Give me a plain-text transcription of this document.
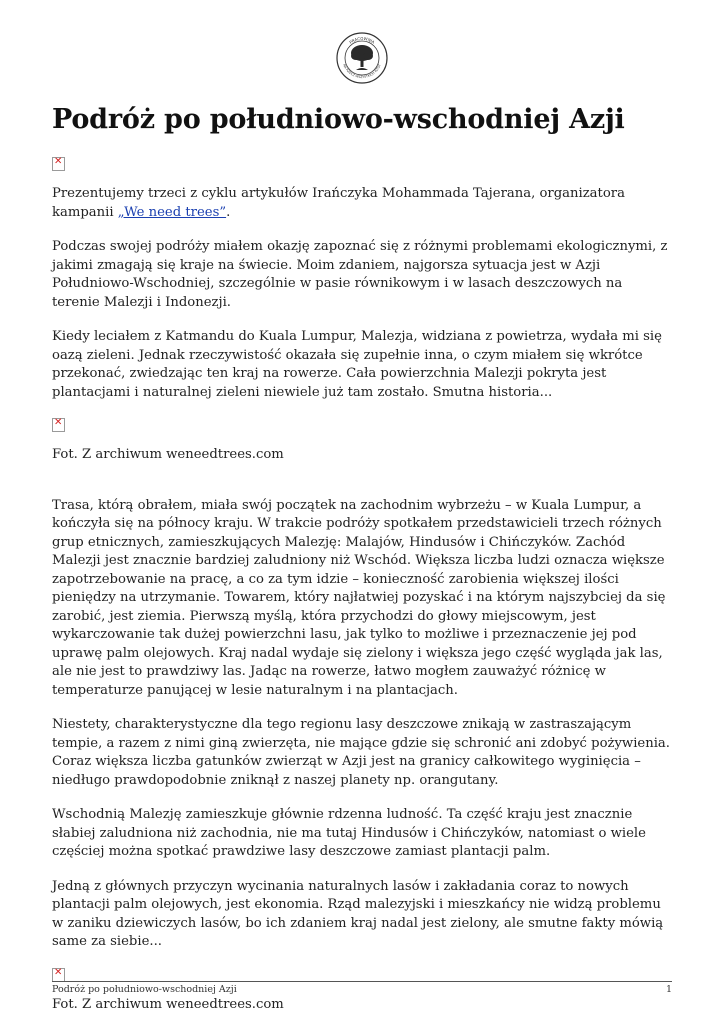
PRACOWNIA
NA RZECZ WSZYSTKICH ISTOT
Podróż po południowo-wschodniej Azji
✕

Prezentujemy trzeci z cyklu artykułów Irańczyka Mohammada Tajerana, organizatora kampanii „We need trees”.

Podczas swojej podróży miałem okazję zapoznać się z różnymi problemami ekologicznymi, z jakimi zmagają się kraje na świecie. Moim zdaniem, najgorsza sytuacja jest w Azji Południowo-Wschodniej, szczególnie w pasie równikowym i w lasach deszczowych na terenie Malezji i Indonezji.

Kiedy leciałem z Katmandu do Kuala Lumpur, Malezja, widziana z powietrza, wydała mi się oazą zieleni. Jednak rzeczywistość okazała się zupełnie inna, o czym miałem się wkrótce przekonać, zwiedzając ten kraj na rowerze. Cała powierzchnia Malezji pokryta jest plantacjami i naturalnej zieleni niewiele już tam zostało. Smutna historia...

✕
Fot. Z archiwum weneedtrees.com

Trasa, którą obrałem, miała swój początek na zachodnim wybrzeżu – w Kuala Lumpur, a kończyła się na północy kraju. W trakcie podróży spotkałem przedstawicieli trzech różnych grup etnicznych, zamieszkujących Malezję: Malajów, Hindusów i Chińczyków. Zachód Malezji jest znacznie bardziej zaludniony niż Wschód. Większa liczba ludzi oznacza większe zapotrzebowanie na pracę, a co za tym idzie – konieczność zarobienia większej ilości pieniędzy na utrzymanie. Towarem, który najłatwiej pozyskać i na którym najszybciej da się zarobić, jest ziemia. Pierwszą myślą, która przychodzi do głowy miejscowym, jest wykarczowanie tak dużej powierzchni lasu, jak tylko to możliwe i przeznaczenie jej pod uprawę palm olejowych. Kraj nadal wydaje się zielony i większa jego część wygląda jak las, ale nie jest to prawdziwy las. Jadąc na rowerze, łatwo mogłem zauważyć różnicę w temperaturze panującej w lesie naturalnym i na plantacjach.

Niestety, charakterystyczne dla tego regionu lasy deszczowe znikają w zastraszającym tempie, a razem z nimi giną zwierzęta, nie mające gdzie się schronić ani zdobyć pożywienia. Coraz większa liczba gatunków zwierząt w Azji jest na granicy całkowitego wyginięcia – niedługo prawdopodobnie zniknął z naszej planety np. orangutany.

Wschodnią Malezję zamieszkuje głównie rdzenna ludność. Ta część kraju jest znacznie słabiej zaludniona niż zachodnia, nie ma tutaj Hindusów i Chińczyków, natomiast o wiele częściej można spotkać prawdziwe lasy deszczowe zamiast plantacji palm.

Jedną z głównych przyczyn wycinania naturalnych lasów i zakładania coraz to nowych plantacji palm olejowych, jest ekonomia. Rząd malezyjski i mieszkańcy nie widzą problemu w zaniku dziewiczych lasów, bo ich zdaniem kraj nadal jest zielony, ale smutne fakty mówią same za siebie...

✕
Fot. Z archiwum weneedtrees.com
Podróż po południowo-wschodniej Azji	1
